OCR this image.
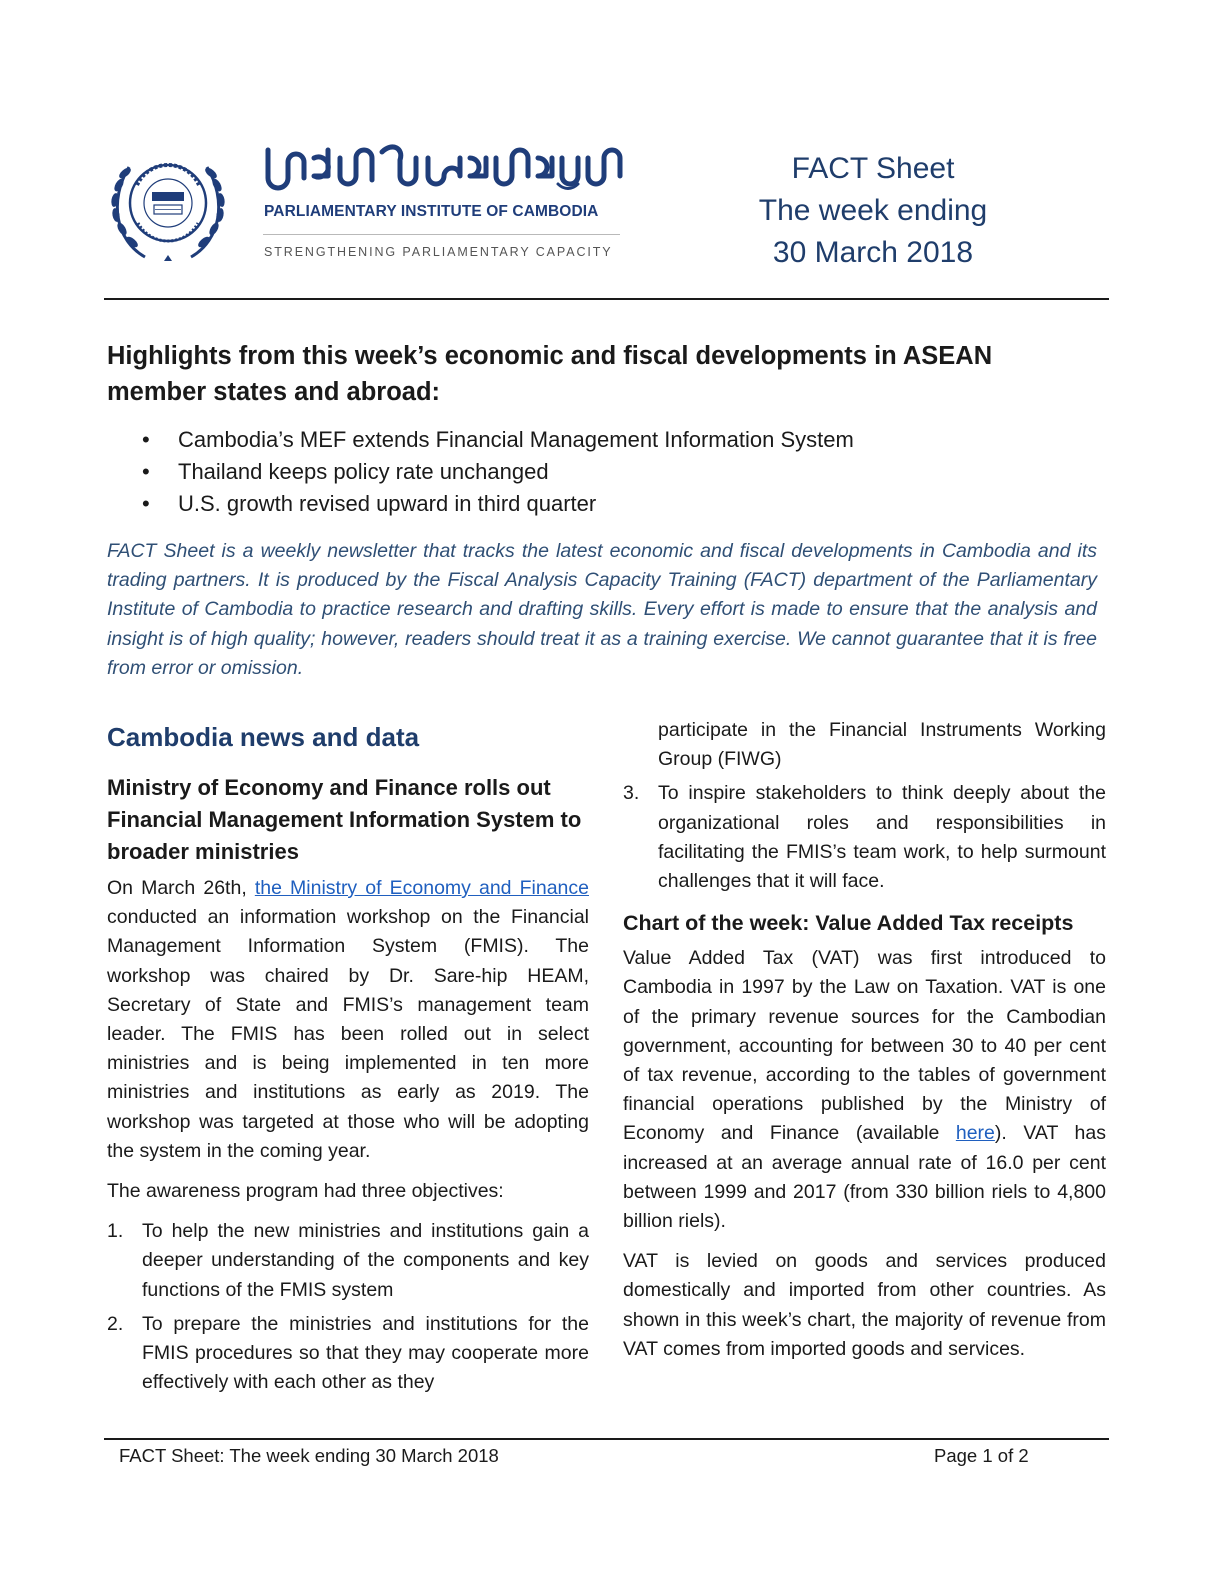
PARLIAMENTARY INSTITUTE OF CAMBODIA
STRENGTHENING PARLIAMENTARY CAPACITY
FACT Sheet
The week ending
30 March 2018
Highlights from this week’s economic and fiscal developments in ASEAN member states and abroad:
• Cambodia’s MEF extends Financial Management Information System
• Thailand keeps policy rate unchanged
• U.S. growth revised upward in third quarter
FACT Sheet is a weekly newsletter that tracks the latest economic and fiscal developments in Cambodia and its trading partners. It is produced by the Fiscal Analysis Capacity Training (FACT) department of the Parliamentary Institute of Cambodia to practice research and drafting skills. Every effort is made to ensure that the analysis and insight is of high quality; however, readers should treat it as a training exercise. We cannot guarantee that it is free from error or omission.
Cambodia news and data
Ministry of Economy and Finance rolls out Financial Management Information System to broader ministries

On March 26th, the Ministry of Economy and Finance conducted an information workshop on the Financial Management Information System (FMIS). The workshop was chaired by Dr. Sare-hip HEAM, Secretary of State and FMIS’s management team leader. The FMIS has been rolled out in select ministries and is being implemented in ten more ministries and institutions as early as 2019. The workshop was targeted at those who will be adopting the system in the coming year.

The awareness program had three objectives:

1. To help the new ministries and institutions gain a deeper understanding of the components and key functions of the FMIS system
2. To prepare the ministries and institutions for the FMIS procedures so that they may cooperate more effectively with each other as they
participate in the Financial Instruments Working Group (FIWG)
3. To inspire stakeholders to think deeply about the organizational roles and responsibilities in facilitating the FMIS’s team work, to help surmount challenges that it will face.
Chart of the week: Value Added Tax receipts

Value Added Tax (VAT) was first introduced to Cambodia in 1997 by the Law on Taxation. VAT is one of the primary revenue sources for the Cambodian government, accounting for between 30 to 40 per cent of tax revenue, according to the tables of government financial operations published by the Ministry of Economy and Finance (available here). VAT has increased at an average annual rate of 16.0 per cent between 1999 and 2017 (from 330 billion riels to 4,800 billion riels).

VAT is levied on goods and services produced domestically and imported from other countries. As shown in this week’s chart, the majority of revenue from VAT comes from imported goods and services.

FACT Sheet: The week ending 30 March 2018	Page 1 of 2
